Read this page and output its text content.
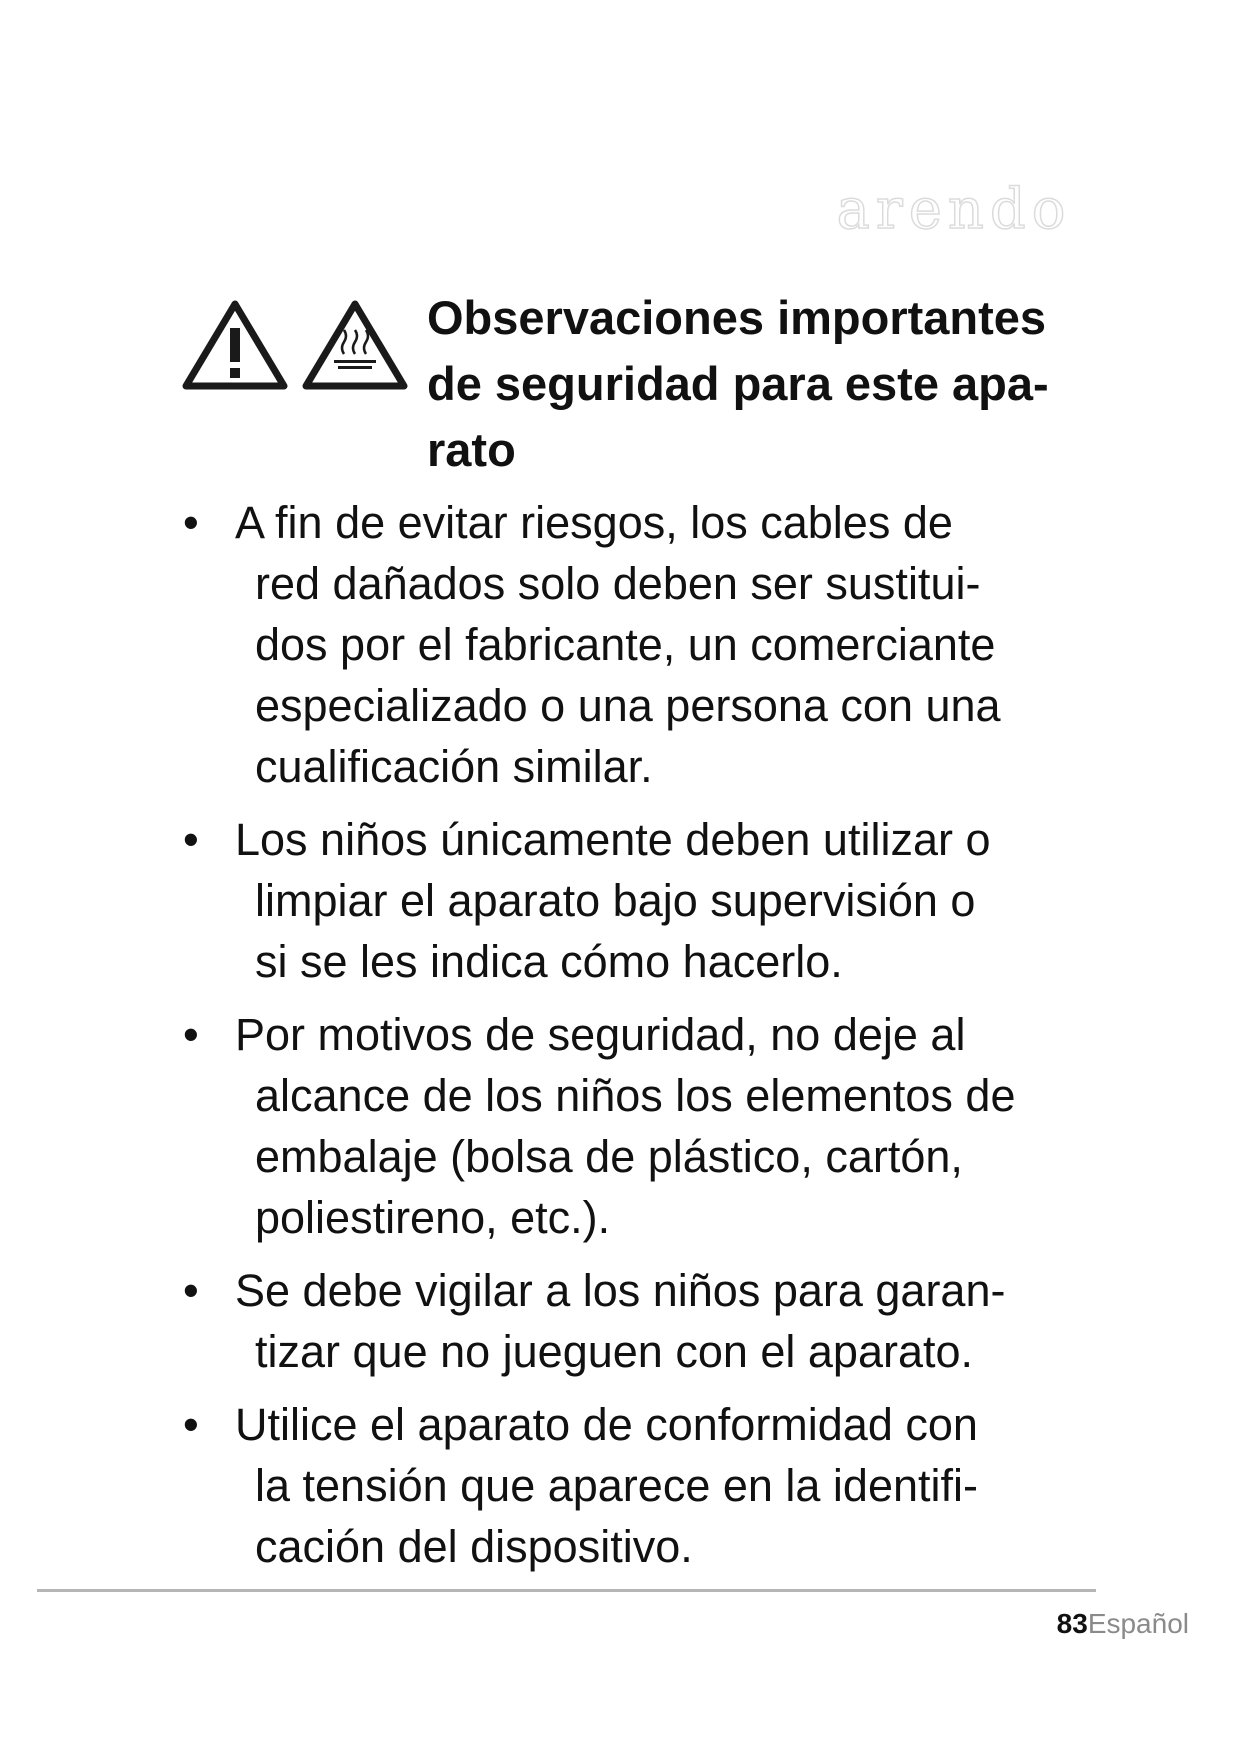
arendo
Observaciones importantes
de seguridad para este apa-
rato
• A fin de evitar riesgos, los cables de
red dañados solo deben ser sustitui-
dos por el fabricante, un comerciante
especializado o una persona con una
cualificación similar.
• Los niños únicamente deben utilizar o
limpiar el aparato bajo supervisión o
si se les indica cómo hacerlo.
• Por motivos de seguridad, no deje al
alcance de los niños los elementos de
embalaje (bolsa de plástico, cartón,
poliestireno, etc.).
• Se debe vigilar a los niños para garan-
tizar que no jueguen con el aparato.
• Utilice el aparato de conformidad con
la tensión que aparece en la identifi-
cación del dispositivo.
83Español
